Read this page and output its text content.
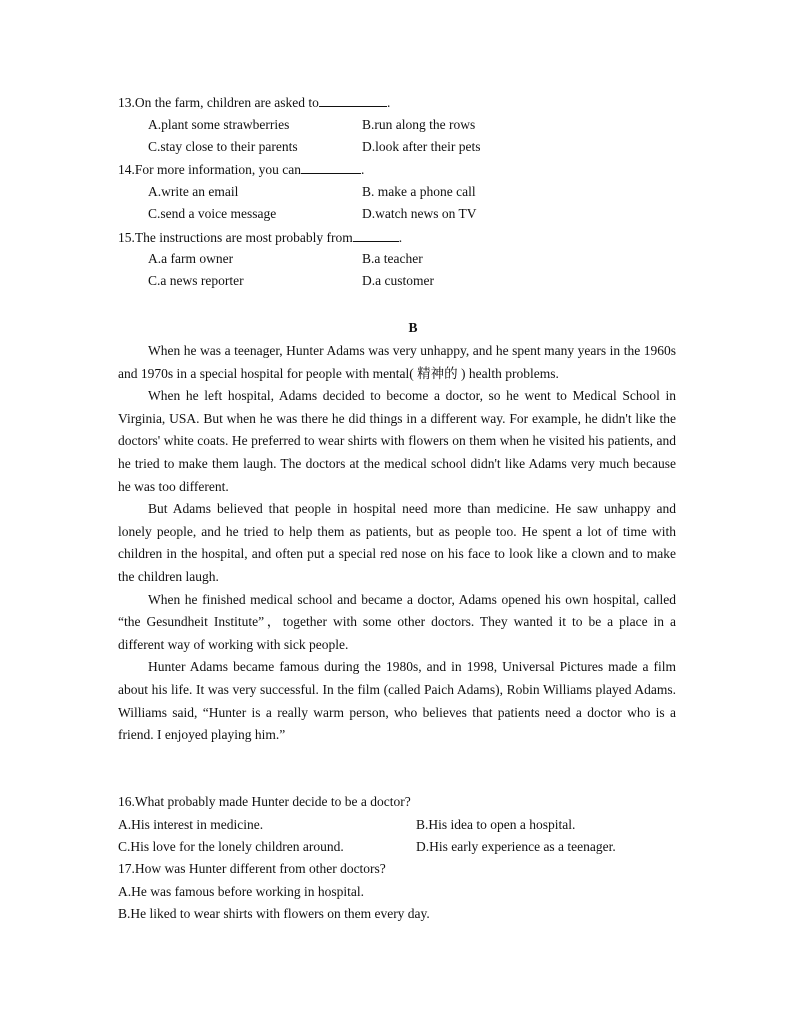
13.On the farm, children are asked to	.
A.plant some strawberries	B.run along the rows
C.stay close to their parents	D.look after their pets
14.For more information, you can	.
A.write an email	B. make a phone call
C.send a voice message	D.watch news on TV
15.The instructions are most probably from	.
A.a farm owner	B.a teacher
C.a news reporter	D.a customer
B

When he was a teenager, Hunter Adams was very unhappy, and he spent many years in the 1960s and 1970s in a special hospital for people with mental( 精神的 ) health problems.

When he left hospital, Adams decided to become a doctor, so he went to Medical School in Virginia, USA. But when he was there he did things in a different way. For example, he didn't like the doctors' white coats. He preferred to wear shirts with flowers on them when he visited his patients, and he tried to make them laugh. The doctors at the medical school didn't like Adams very much because he was too different.

But Adams believed that people in hospital need more than medicine. He saw unhappy and lonely people, and he tried to help them as patients, but as people too. He spent a lot of time with children in the hospital, and often put a special red nose on his face to look like a clown and to make the children laugh.

When he finished medical school and became a doctor, Adams opened his own hospital, called “the Gesundheit Institute”，together with some other doctors. They wanted it to be a place in a different way of working with sick people.

Hunter Adams became famous during the 1980s, and in 1998, Universal Pictures made a film about his life. It was very successful. In the film (called Paich Adams), Robin Williams played Adams. Williams said, “Hunter is a really warm person, who believes that patients need a doctor who is a friend. I enjoyed playing him.”

16.What probably made Hunter decide to be a doctor?
A.His interest in medicine.	B.His idea to open a hospital.
C.His love for the lonely children around.	D.His early experience as a teenager.
17.How was Hunter different from other doctors?
A.He was famous before working in hospital.
B.He liked to wear shirts with flowers on them every day.
